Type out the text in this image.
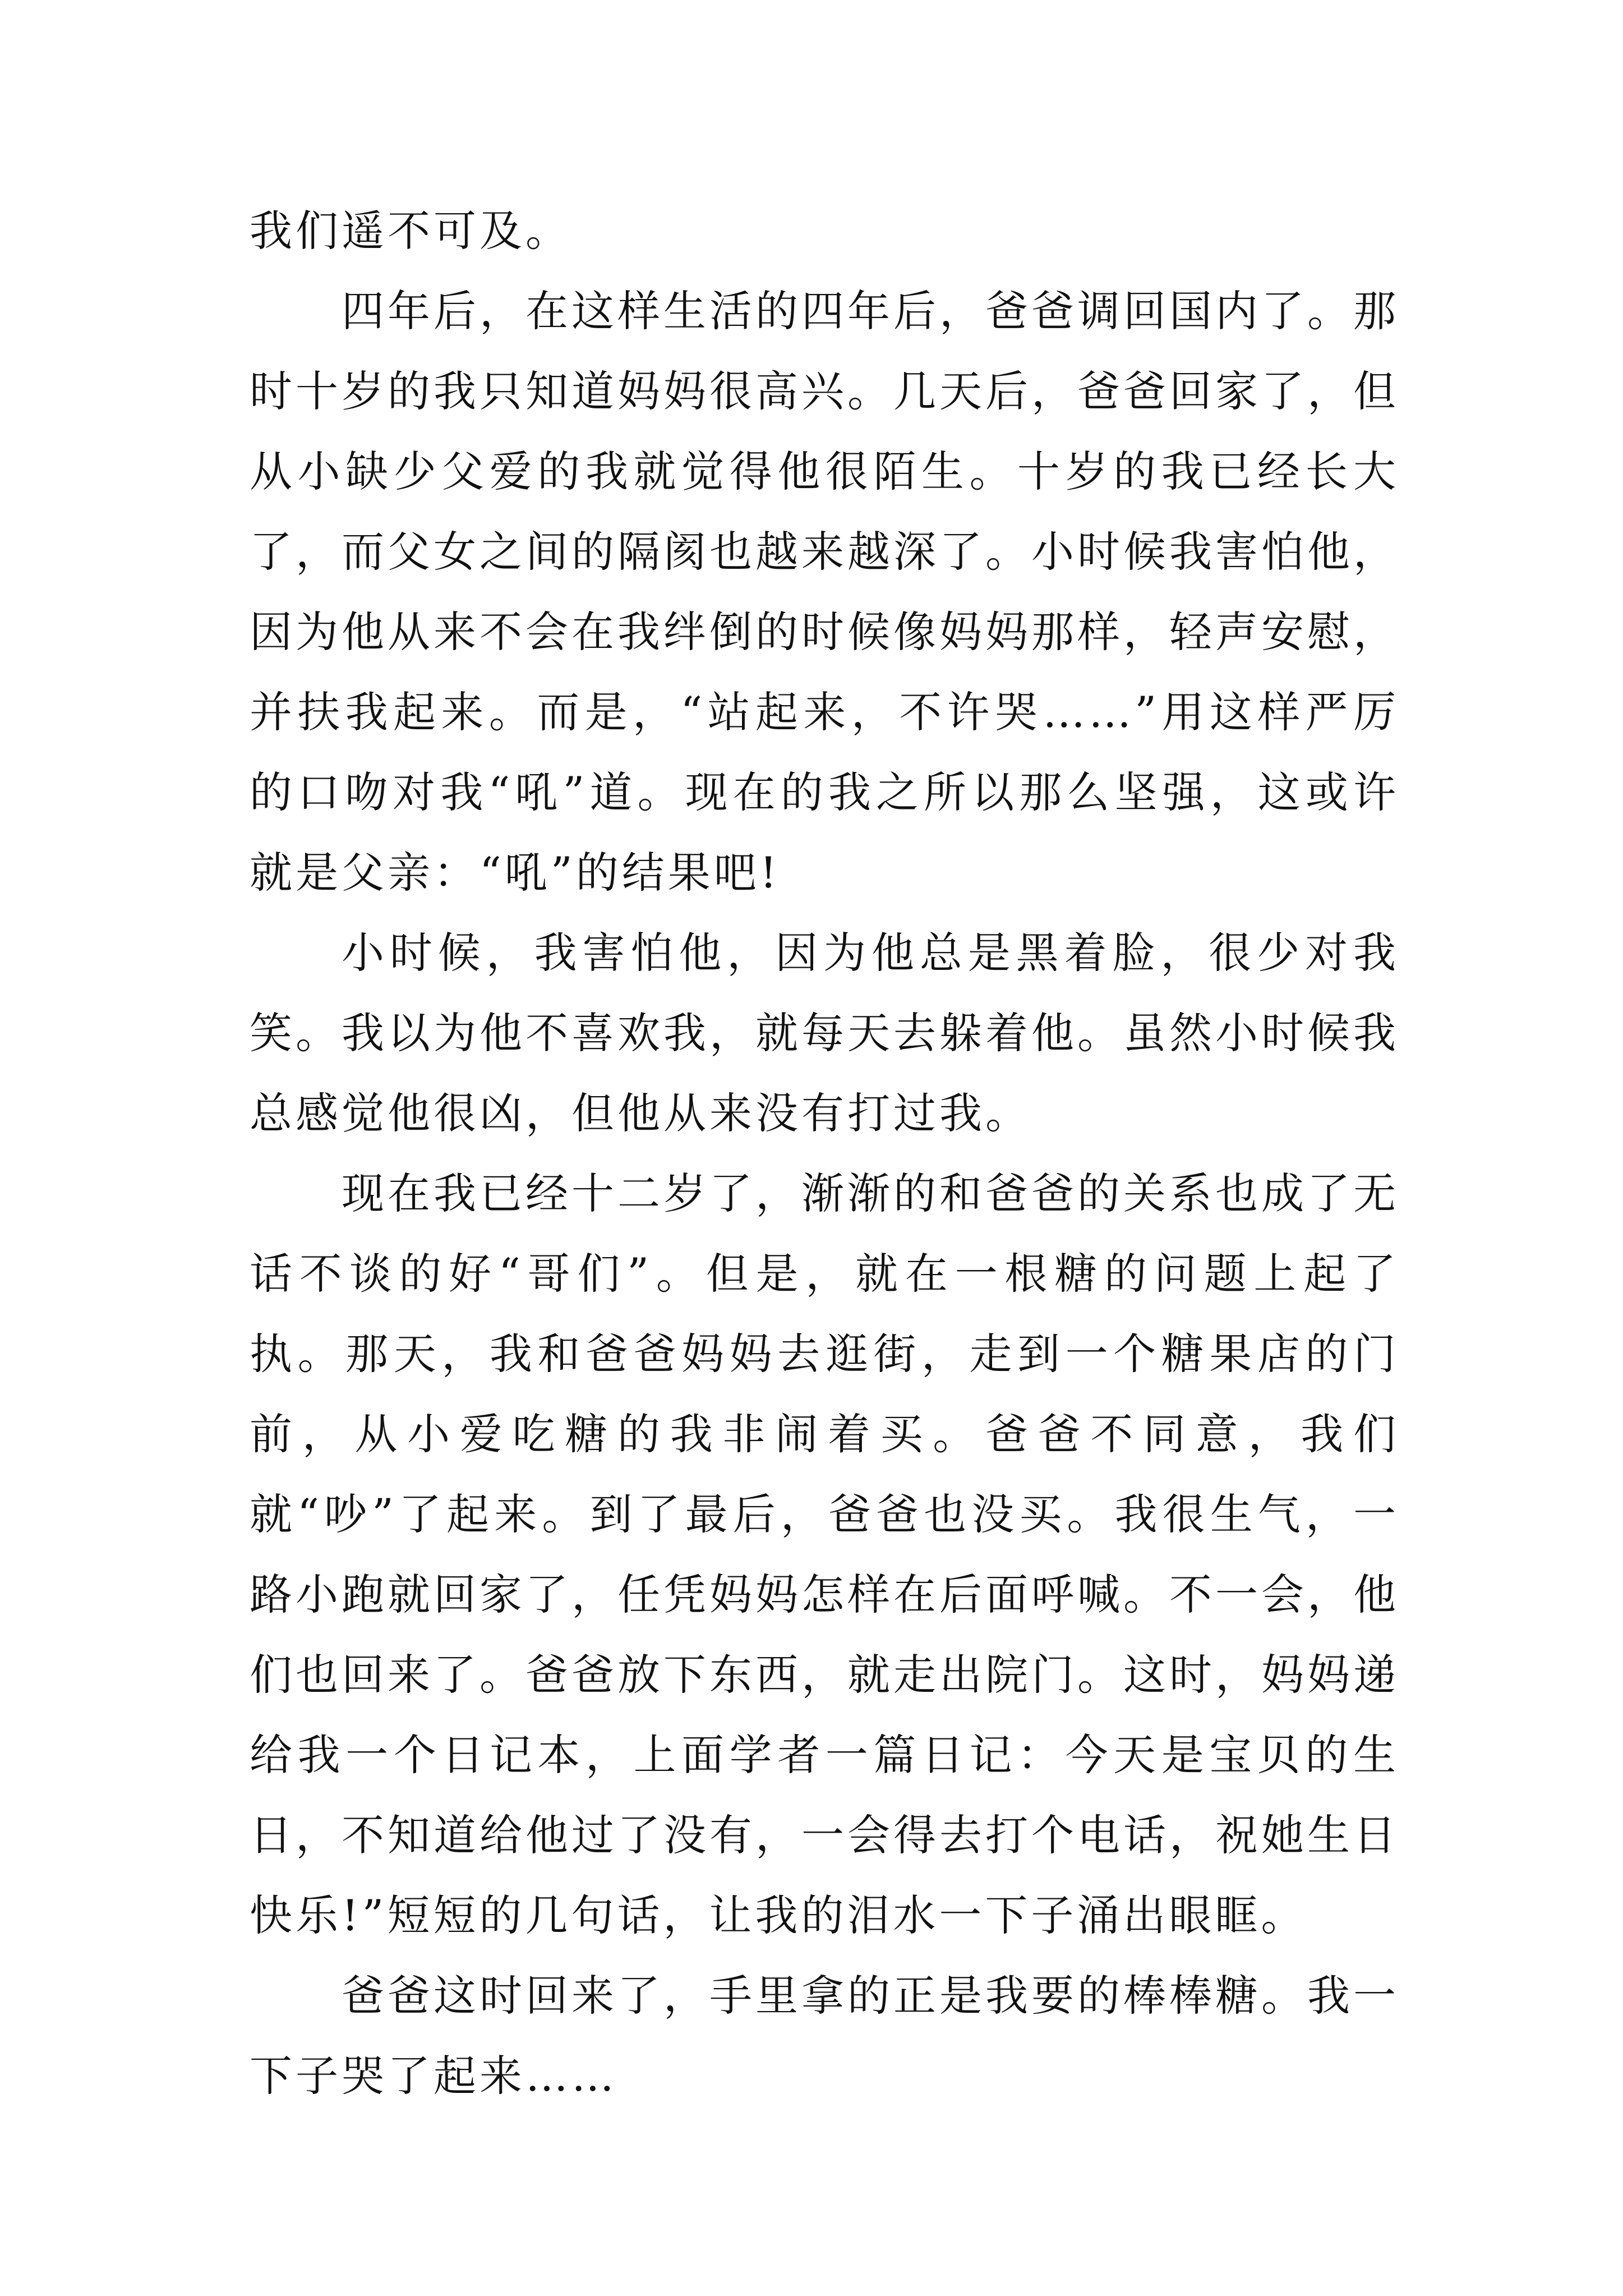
我们遥不可及。

四年后，在这样生活的四年后，爸爸调回国内了。那时十岁的我只知道妈妈很高兴。几天后，爸爸回家了，但从小缺少父爱的我就觉得他很陌生。十岁的我已经长大了，而父女之间的隔阂也越来越深了。小时候我害怕他，因为他从来不会在我绊倒的时候像妈妈那样，轻声安慰，并扶我起来。而是，“站起来，不许哭……”用这样严厉的口吻对我“吼”道。现在的我之所以那么坚强，这或许就是父亲：“吼”的结果吧!

小时候，我害怕他，因为他总是黑着脸，很少对我笑。我以为他不喜欢我，就每天去躲着他。虽然小时候我总感觉他很凶，但他从来没有打过我。

现在我已经十二岁了，渐渐的和爸爸的关系也成了无话不谈的好“哥们”。但是，就在一根糖的问题上起了执。那天，我和爸爸妈妈去逛街，走到一个糖果店的门前，从小爱吃糖的我非闹着买。爸爸不同意，我们就“吵”了起来。到了最后，爸爸也没买。我很生气，一路小跑就回家了，任凭妈妈怎样在后面呼喊。不一会，他们也回来了。爸爸放下东西，就走出院门。这时，妈妈递给我一个日记本，上面学者一篇日记：今天是宝贝的生日，不知道给他过了没有，一会得去打个电话，祝她生日快乐!”短短的几句话，让我的泪水一下子涌出眼眶。

爸爸这时回来了，手里拿的正是我要的棒棒糖。我一下子哭了起来……
